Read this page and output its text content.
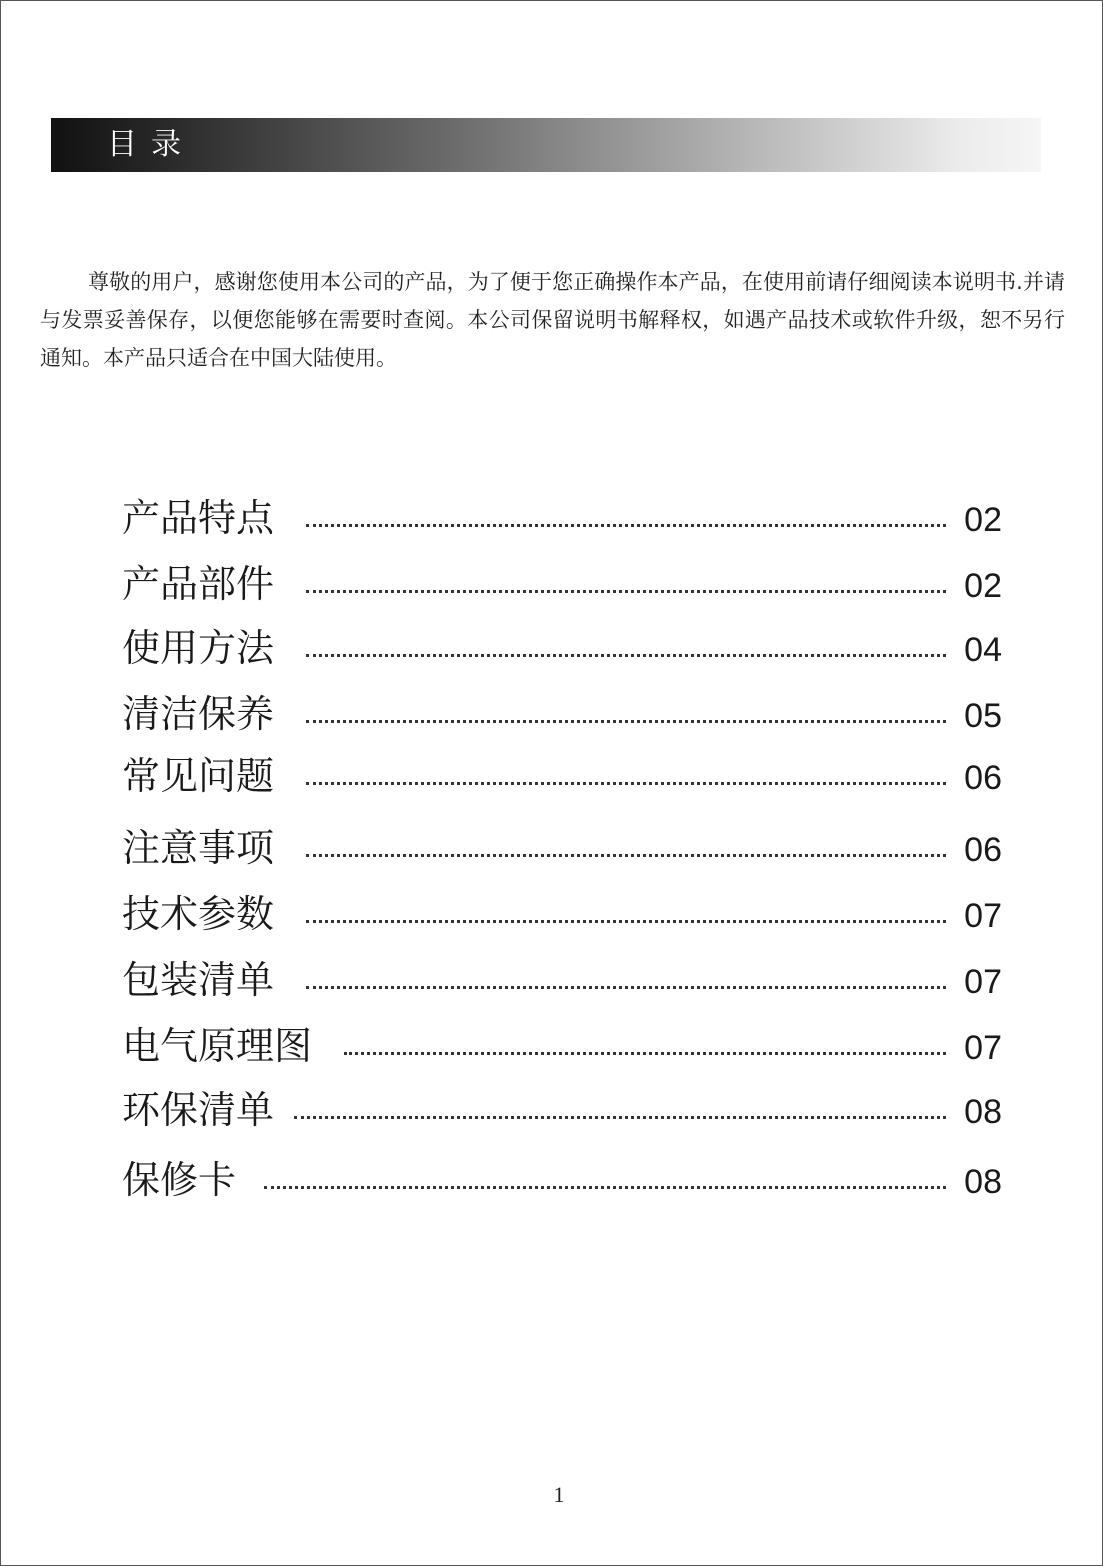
目录
尊敬的用户，感谢您使用本公司的产品，为了便于您正确操作本产品，在使用前请仔细阅读本说明书.并请与发票妥善保存，以便您能够在需要时查阅。本公司保留说明书解释权，如遇产品技术或软件升级，恕不另行通知。本产品只适合在中国大陆使用。
产品特点	02
产品部件	02
使用方法	04
清洁保养	05
常见问题	06
注意事项	06
技术参数	07
包装清单	07
电气原理图	07
环保清单	08
保修卡	08
1
